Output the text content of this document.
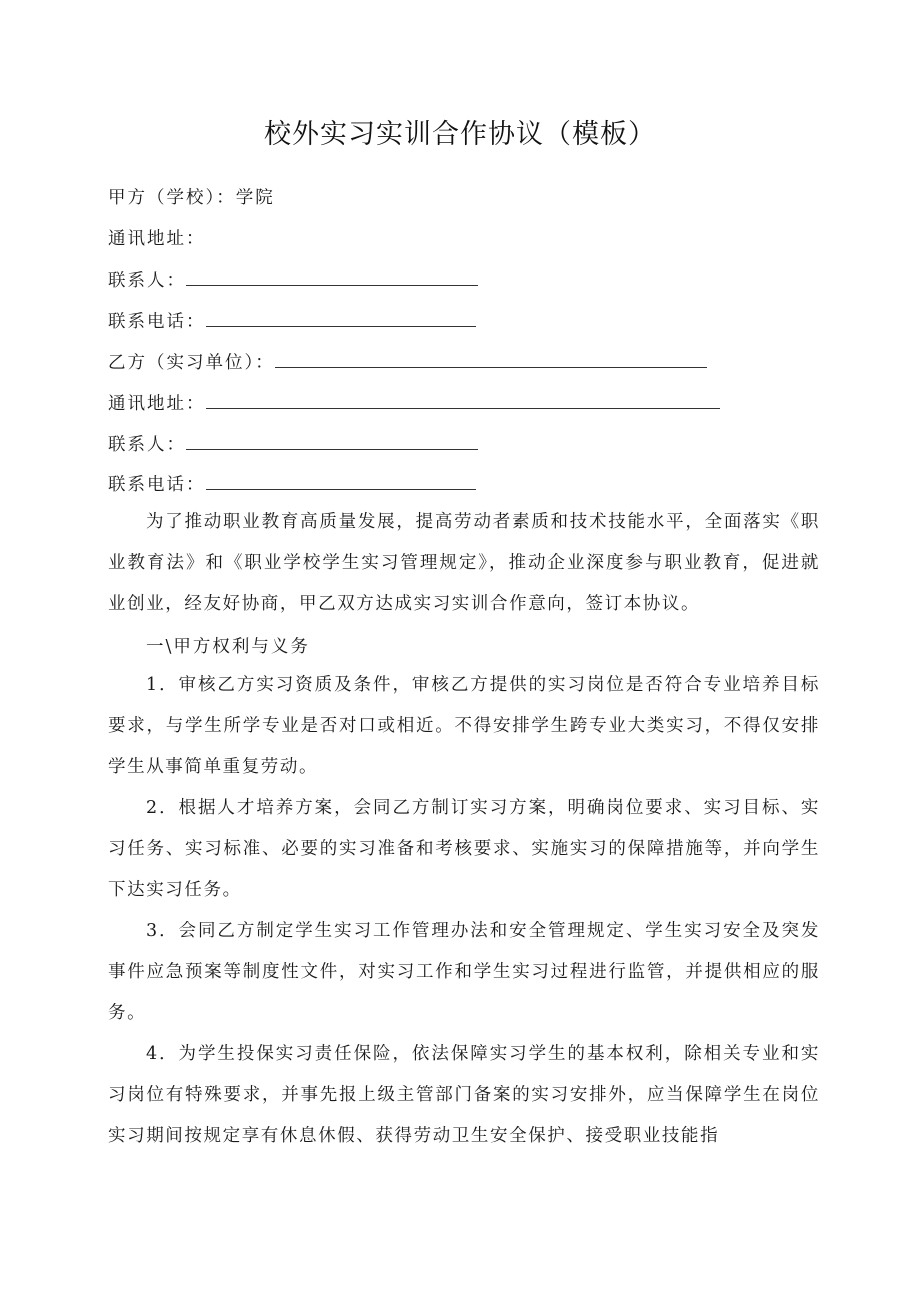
校外实习实训合作协议（模板）
甲方（学校）：学院
通讯地址：
联系人：
联系电话：
乙方（实习单位）：
通讯地址：
联系人：
联系电话：

为了推动职业教育高质量发展，提高劳动者素质和技术技能水平，全面落实《职业教育法》和《职业学校学生实习管理规定》，推动企业深度参与职业教育，促进就业创业，经友好协商，甲乙双方达成实习实训合作意向，签订本协议。

一\甲方权利与义务

1．审核乙方实习资质及条件，审核乙方提供的实习岗位是否符合专业培养目标要求，与学生所学专业是否对口或相近。不得安排学生跨专业大类实习，不得仅安排学生从事简单重复劳动。

2．根据人才培养方案，会同乙方制订实习方案，明确岗位要求、实习目标、实习任务、实习标准、必要的实习准备和考核要求、实施实习的保障措施等，并向学生下达实习任务。

3．会同乙方制定学生实习工作管理办法和安全管理规定、学生实习安全及突发事件应急预案等制度性文件，对实习工作和学生实习过程进行监管，并提供相应的服务。

4．为学生投保实习责任保险，依法保障实习学生的基本权利，除相关专业和实习岗位有特殊要求，并事先报上级主管部门备案的实习安排外，应当保障学生在岗位实习期间按规定享有休息休假、获得劳动卫生安全保护、接受职业技能指
